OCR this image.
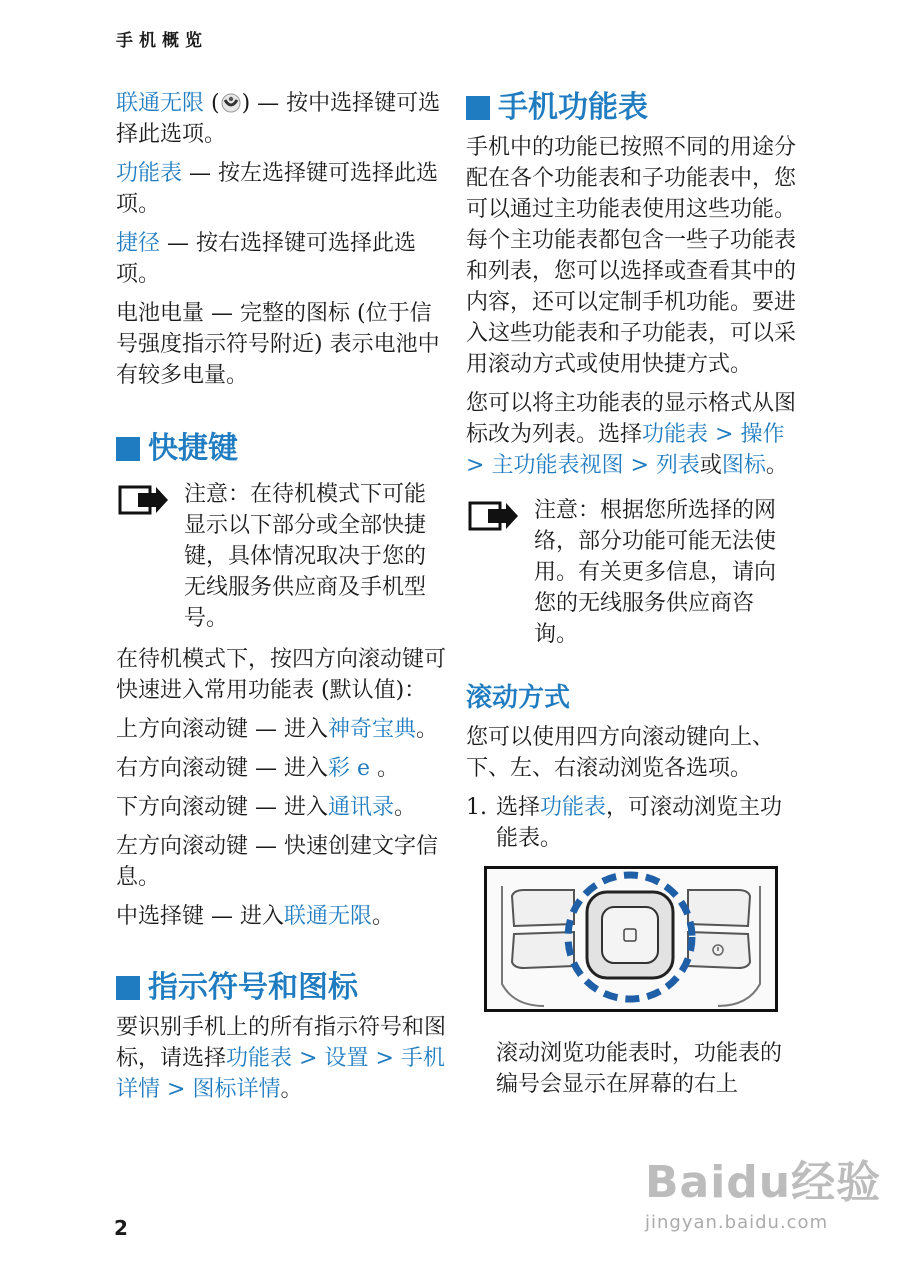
手机概览

联通无限 ( ) — 按中选择键可选择此选项。

功能表 — 按左选择键可选择此选项。

捷径 — 按右选择键可选择此选项。

电池电量 — 完整的图标 (位于信号强度指示符号附近) 表示电池中有较多电量。

快捷键
注意：在待机模式下可能显示以下部分或全部快捷键，具体情况取决于您的无线服务供应商及手机型号。

在待机模式下，按四方向滚动键可快速进入常用功能表 (默认值)：

上方向滚动键 — 进入神奇宝典。

右方向滚动键 — 进入彩 e 。

下方向滚动键 — 进入通讯录。

左方向滚动键 — 快速创建文字信息。

中选择键 — 进入联通无限。

指示符号和图标

要识别手机上的所有指示符号和图标，请选择功能表 > 设置 > 手机详情 > 图标详情。

手机功能表

手机中的功能已按照不同的用途分配在各个功能表和子功能表中，您可以通过主功能表使用这些功能。每个主功能表都包含一些子功能表和列表，您可以选择或查看其中的内容，还可以定制手机功能。要进入这些功能表和子功能表，可以采用滚动方式或使用快捷方式。

您可以将主功能表的显示格式从图标改为列表。选择功能表 > 操作 > 主功能表视图 > 列表或图标。

注意：根据您所选择的网络，部分功能可能无法使用。有关更多信息，请向您的无线服务供应商咨询。
滚动方式

您可以使用四方向滚动键向上、下、左、右滚动浏览各选项。

1. 选择功能表，可滚动浏览主功能表。

滚动浏览功能表时，功能表的编号会显示在屏幕的右上

2
Baidu经验
jingyan.baidu.com
